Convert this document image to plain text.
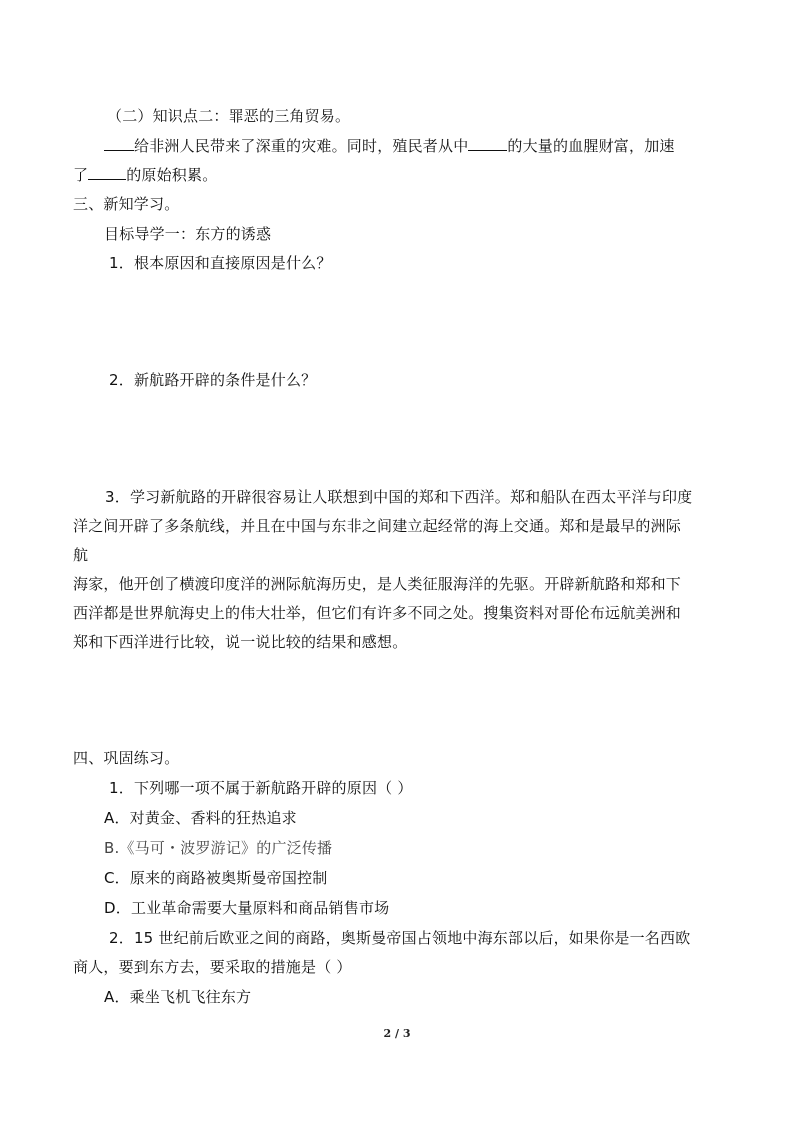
（二）知识点二：罪恶的三角贸易。
给非洲人民带来了深重的灾难。同时，殖民者从中	的大量的血腥财富，加速
了	的原始积累。
三、新知学习。
目标导学一：东方的诱惑
1．根本原因和直接原因是什么？
2．新航路开辟的条件是什么？
3．学习新航路的开辟很容易让人联想到中国的郑和下西洋。郑和船队在西太平洋与印度
洋之间开辟了多条航线，并且在中国与东非之间建立起经常的海上交通。郑和是最早的洲际
航
海家，他开创了横渡印度洋的洲际航海历史，是人类征服海洋的先驱。开辟新航路和郑和下
西洋都是世界航海史上的伟大壮举，但它们有许多不同之处。搜集资料对哥伦布远航美洲和
郑和下西洋进行比较，说一说比较的结果和感想。
四、巩固练习。
1．下列哪一项不属于新航路开辟的原因（ ）
A．对黄金、香料的狂热追求
B.《马可・波罗游记》的广泛传播
C．原来的商路被奥斯曼帝国控制
D．工业革命需要大量原料和商品销售市场
2．15 世纪前后欧亚之间的商路，奥斯曼帝国占领地中海东部以后，如果你是一名西欧
商人，要到东方去，要采取的措施是（ ）
A．乘坐飞机飞往东方
2 / 3
